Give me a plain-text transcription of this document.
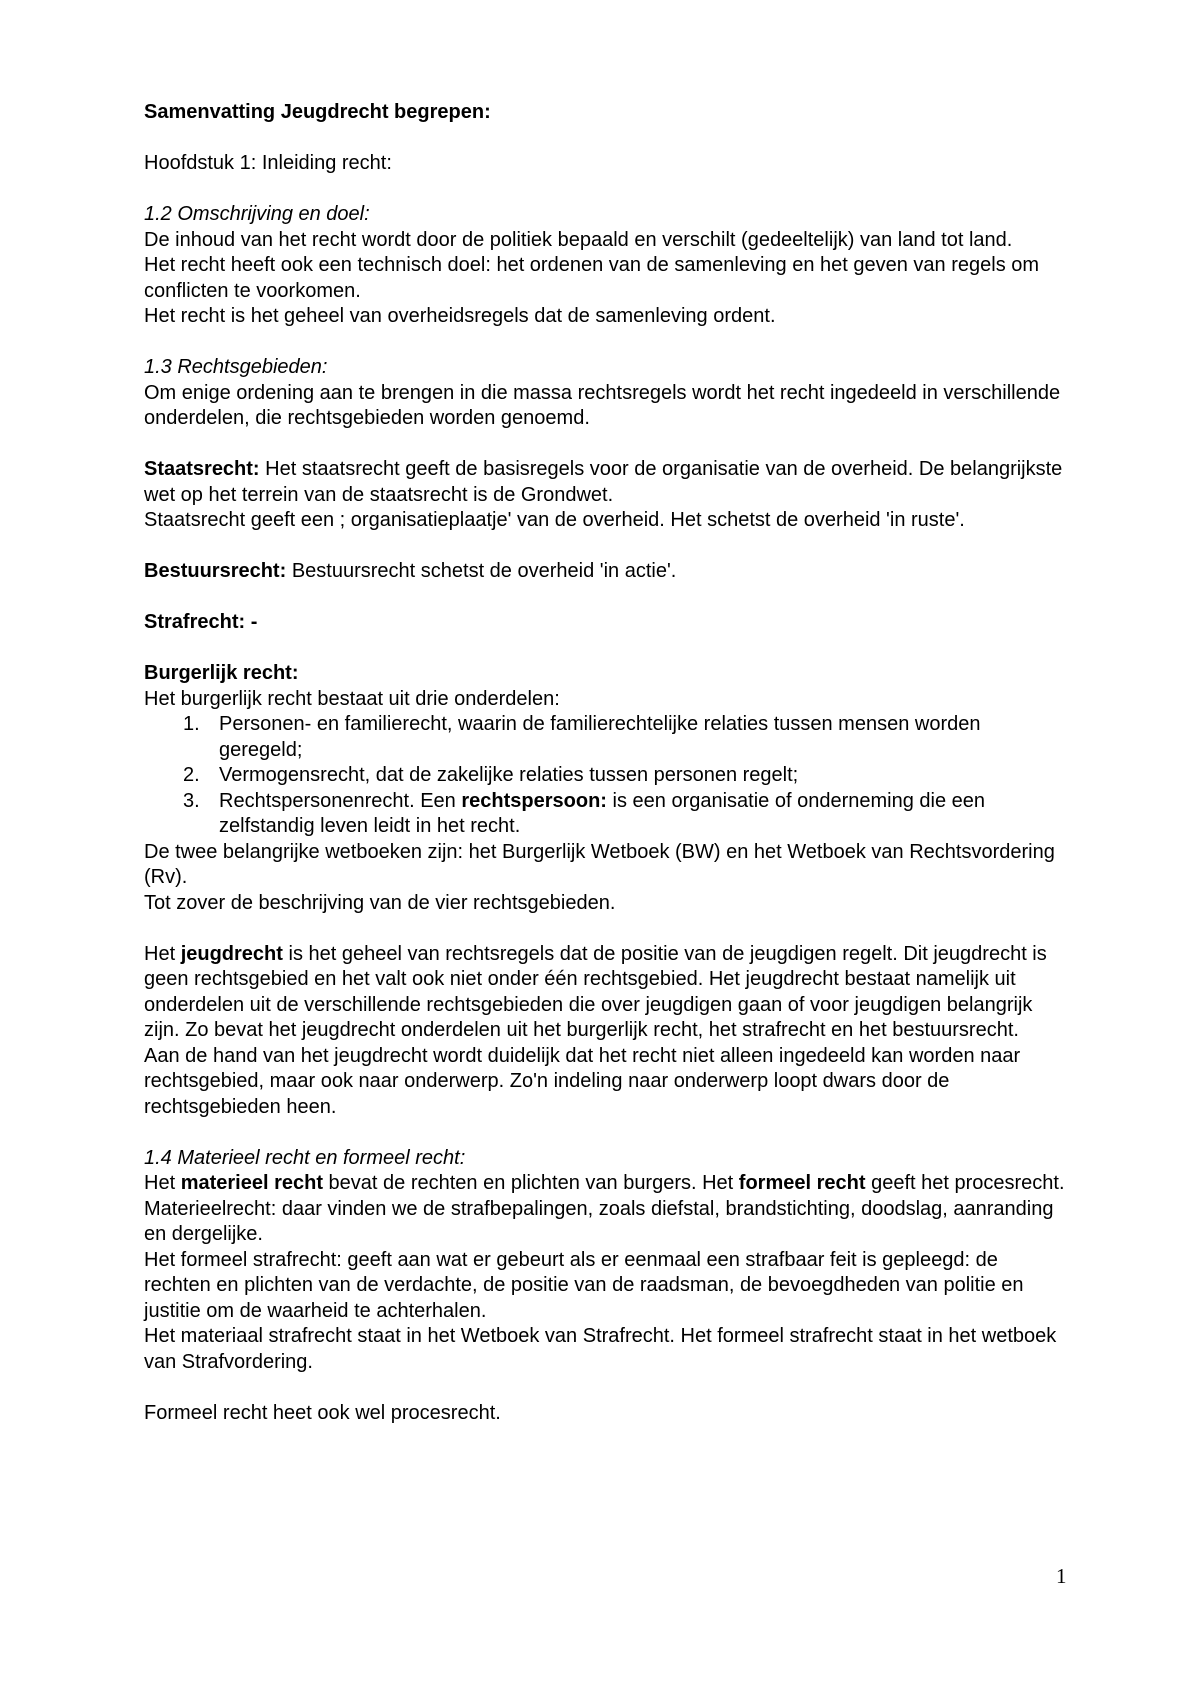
Samenvatting Jeugdrecht begrepen:

Hoofdstuk 1: Inleiding recht:

1.2 Omschrijving en doel:

De inhoud van het recht wordt door de politiek bepaald en verschilt (gedeeltelijk) van land tot land.

Het recht heeft ook een technisch doel: het ordenen van de samenleving en het geven van regels om conflicten te voorkomen.

Het recht is het geheel van overheidsregels dat de samenleving ordent.

1.3 Rechtsgebieden:

Om enige ordening aan te brengen in die massa rechtsregels wordt het recht ingedeeld in verschillende onderdelen, die rechtsgebieden worden genoemd.

Staatsrecht: Het staatsrecht geeft de basisregels voor de organisatie van de overheid. De belangrijkste wet op het terrein van de staatsrecht is de Grondwet.

Staatsrecht geeft een ; organisatieplaatje' van de overheid. Het schetst de overheid 'in ruste'.

Bestuursrecht: Bestuursrecht schetst de overheid 'in actie'.

Strafrecht: -

Burgerlijk recht:

Het burgerlijk recht bestaat uit drie onderdelen:

1. Personen- en familierecht, waarin de familierechtelijke relaties tussen mensen worden geregeld;
2. Vermogensrecht, dat de zakelijke relaties tussen personen regelt;
3. Rechtspersonenrecht. Een rechtspersoon: is een organisatie of onderneming die een zelfstandig leven leidt in het recht.

De twee belangrijke wetboeken zijn: het Burgerlijk Wetboek (BW) en het Wetboek van Rechtsvordering (Rv).

Tot zover de beschrijving van de vier rechtsgebieden.

Het jeugdrecht is het geheel van rechtsregels dat de positie van de jeugdigen regelt. Dit jeugdrecht is geen rechtsgebied en het valt ook niet onder één rechtsgebied. Het jeugdrecht bestaat namelijk uit onderdelen uit de verschillende rechtsgebieden die over jeugdigen gaan of voor jeugdigen belangrijk zijn. Zo bevat het jeugdrecht onderdelen uit het burgerlijk recht, het strafrecht en het bestuursrecht.

Aan de hand van het jeugdrecht wordt duidelijk dat het recht niet alleen ingedeeld kan worden naar rechtsgebied, maar ook naar onderwerp. Zo'n indeling naar onderwerp loopt dwars door de rechtsgebieden heen.

1.4 Materieel recht en formeel recht:

Het materieel recht bevat de rechten en plichten van burgers. Het formeel recht geeft het procesrecht.

Materieelrecht: daar vinden we de strafbepalingen, zoals diefstal, brandstichting, doodslag, aanranding en dergelijke.

Het formeel strafrecht: geeft aan wat er gebeurt als er eenmaal een strafbaar feit is gepleegd: de rechten en plichten van de verdachte, de positie van de raadsman, de bevoegdheden van politie en justitie om de waarheid te achterhalen.

Het materiaal strafrecht staat in het Wetboek van Strafrecht. Het formeel strafrecht staat in het wetboek van Strafvordering.

Formeel recht heet ook wel procesrecht.

1
